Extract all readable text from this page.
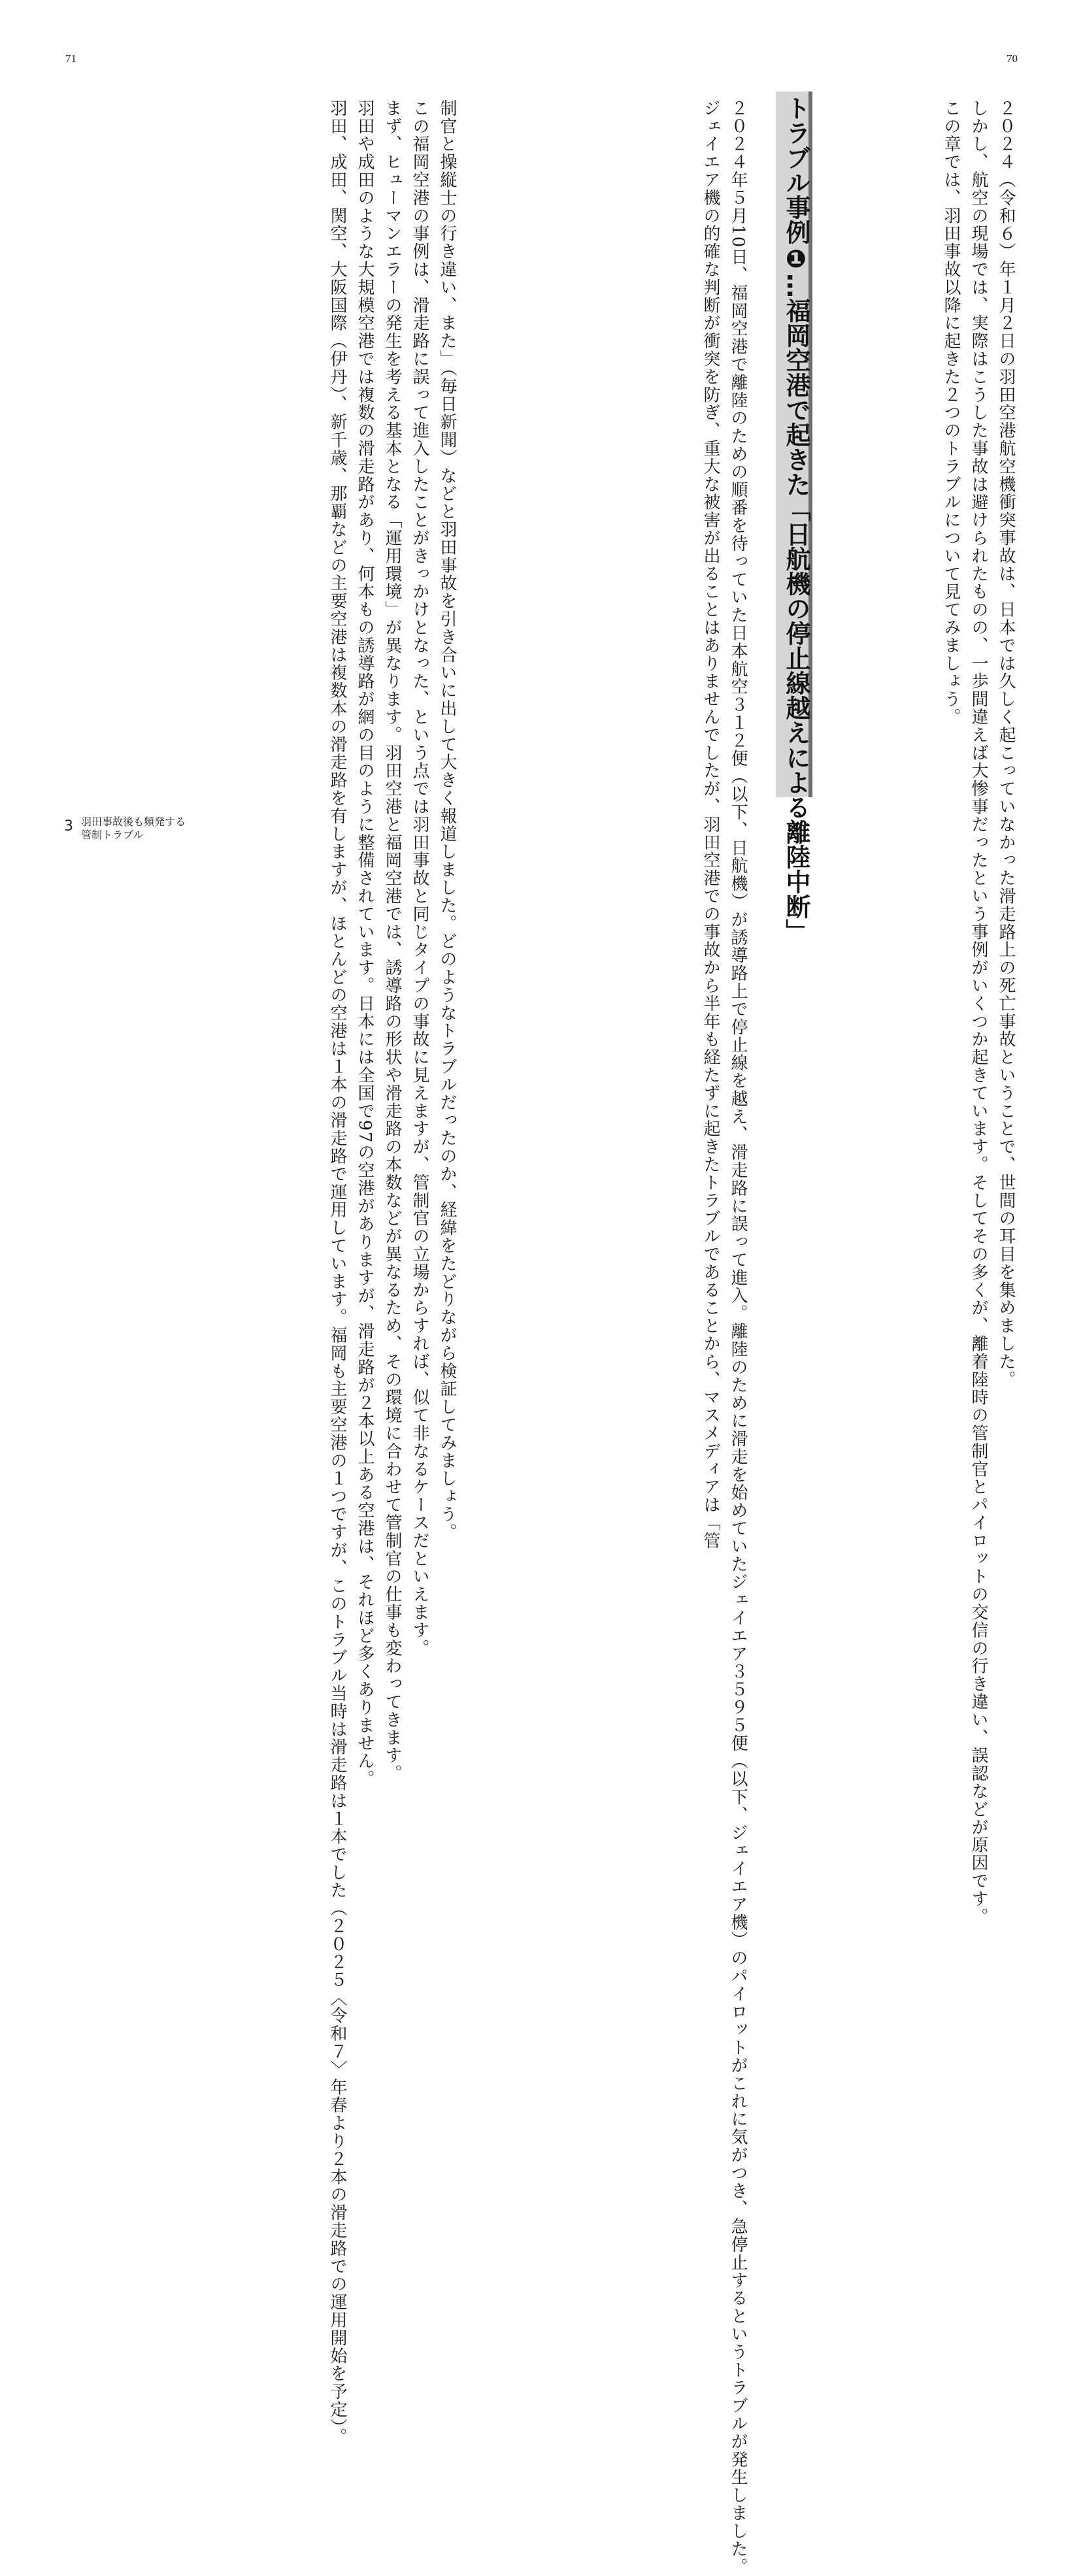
71	70

２０２４（令和６）年１月２日の羽田空港航空機衝突事故は、日本では久しく起こっていなかった滑走路上の死亡事故ということで、世間の耳目を集めました。

しかし、航空の現場では、実際はこうした事故は避けられたものの、一歩間違えば大惨事だったという事例がいくつか起きています。そしてその多くが、離着陸時の管制官とパイロットの交信の行き違い、誤認などが原因です。

この章では、羽田事故以降に起きた２つのトラブルについて見てみましょう。

トラブル事例❶…福岡空港で起きた「日航機の停止線越えによる離陸中断」

２０２４年５月10日、福岡空港で離陸のための順番を待っていた日本航空３１２便（以下、日航機）が誘導路上で停止線を越え、滑走路に誤って進入。離陸のために滑走を始めていたジェイエア３５９５便（以下、ジェイエア機）のパイロットがこれに気がつき、急停止するというトラブルが発生しました。

ジェイエア機の的確な判断が衝突を防ぎ、重大な被害が出ることはありませんでしたが、羽田空港での事故から半年も経たずに起きたトラブルであることから、マスメディアは「管

制官と操縦士の行き違い、また」（毎日新聞）などと羽田事故を引き合いに出して大きく報道しました。どのようなトラブルだったのか、経緯をたどりながら検証してみましょう。

この福岡空港の事例は、滑走路に誤って進入したことがきっかけとなった、という点では羽田事故と同じタイプの事故に見えますが、管制官の立場からすれば、似て非なるケースだといえます。

まず、ヒューマンエラーの発生を考える基本となる「運用環境」が異なります。羽田空港と福岡空港では、誘導路の形状や滑走路の本数などが異なるため、その環境に合わせて管制官の仕事も変わってきます。

羽田や成田のような大規模空港では複数の滑走路があり、何本もの誘導路が網の目のように整備されています。日本には全国で97の空港がありますが、滑走路が２本以上ある空港は、それほど多くありません。

羽田、成田、関空、大阪国際（伊丹）、新千歳、那覇などの主要空港は複数本の滑走路を有しますが、ほとんどの空港は１本の滑走路で運用しています。福岡も主要空港の１つですが、このトラブル当時は滑走路は１本でした（２０２５〈令和７〉年春より２本の滑走路での運用開始を予定）。

3 羽田事故後も頻発する
管制トラブル
